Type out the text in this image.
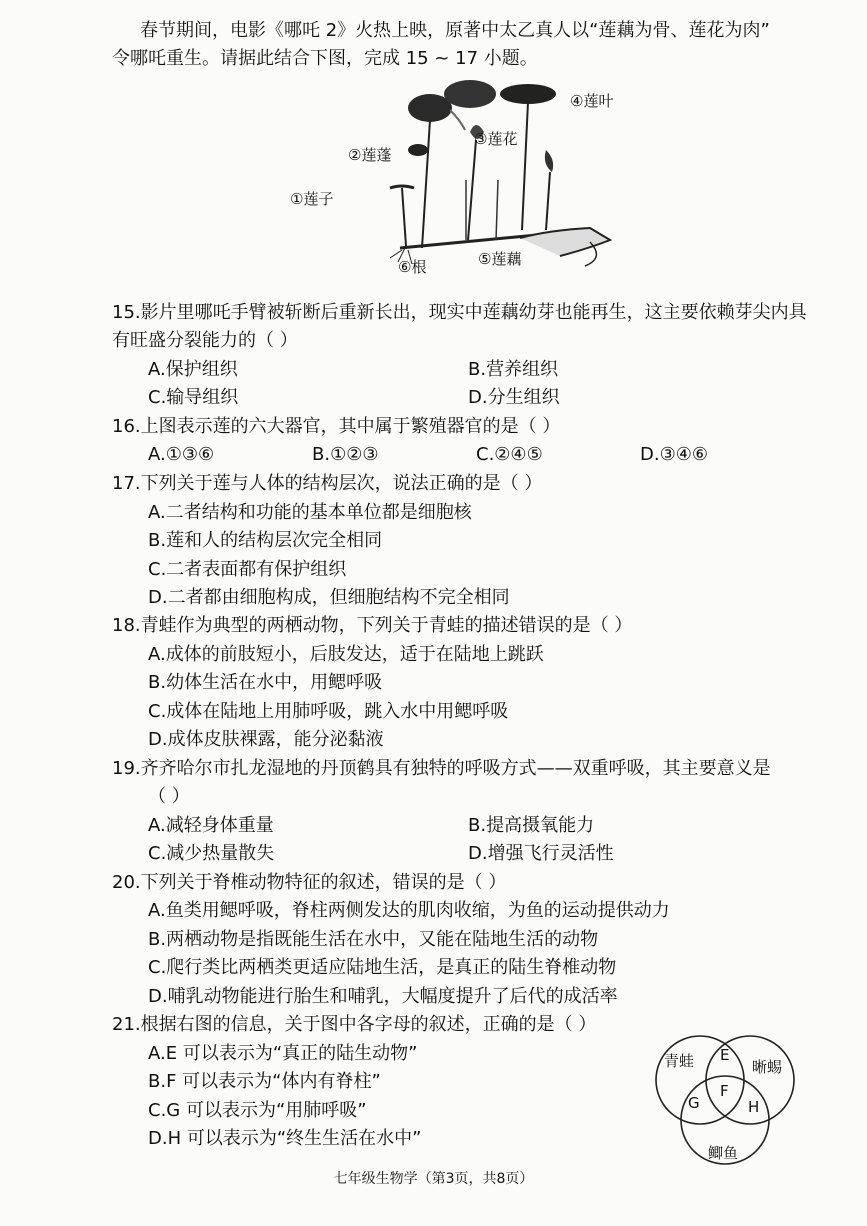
春节期间，电影《哪吒 2》火热上映，原著中太乙真人以“莲藕为骨、莲花为肉”
令哪吒重生。请据此结合下图，完成 15 ~ 17 小题。
④莲叶
③莲花
②莲蓬
①莲子
⑥根	⑤莲藕
15.影片里哪吒手臂被斩断后重新长出，现实中莲藕幼芽也能再生，这主要依赖芽尖内具
有旺盛分裂能力的（ ）
A.保护组织	B.营养组织
C.输导组织	D.分生组织
16.上图表示莲的六大器官，其中属于繁殖器官的是（ ）
A.①③⑥	B.①②③	C.②④⑤	D.③④⑥
17.下列关于莲与人体的结构层次，说法正确的是（ ）
A.二者结构和功能的基本单位都是细胞核
B.莲和人的结构层次完全相同
C.二者表面都有保护组织
D.二者都由细胞构成，但细胞结构不完全相同
18.青蛙作为典型的两栖动物，下列关于青蛙的描述错误的是（ ）
A.成体的前肢短小，后肢发达，适于在陆地上跳跃
B.幼体生活在水中，用鳃呼吸
C.成体在陆地上用肺呼吸，跳入水中用鳃呼吸
D.成体皮肤裸露，能分泌黏液
19.齐齐哈尔市扎龙湿地的丹顶鹤具有独特的呼吸方式——双重呼吸，其主要意义是
（ ）
A.减轻身体重量	B.提高摄氧能力
C.减少热量散失	D.增强飞行灵活性
20.下列关于脊椎动物特征的叙述，错误的是（ ）
A.鱼类用鳃呼吸，脊柱两侧发达的肌肉收缩，为鱼的运动提供动力
B.两栖动物是指既能生活在水中，又能在陆地生活的动物
C.爬行类比两栖类更适应陆地生活，是真正的陆生脊椎动物
D.哺乳动物能进行胎生和哺乳，大幅度提升了后代的成活率
21.根据右图的信息，关于图中各字母的叙述，正确的是（ ）
A.E 可以表示为“真正的陆生动物”
B.F 可以表示为“体内有脊柱”
C.G 可以表示为“用肺呼吸”
D.H 可以表示为“终生生活在水中”
青蛙	晰蜴
鲫鱼
E
F
G	H
七年级生物学（第3页，共8页）
